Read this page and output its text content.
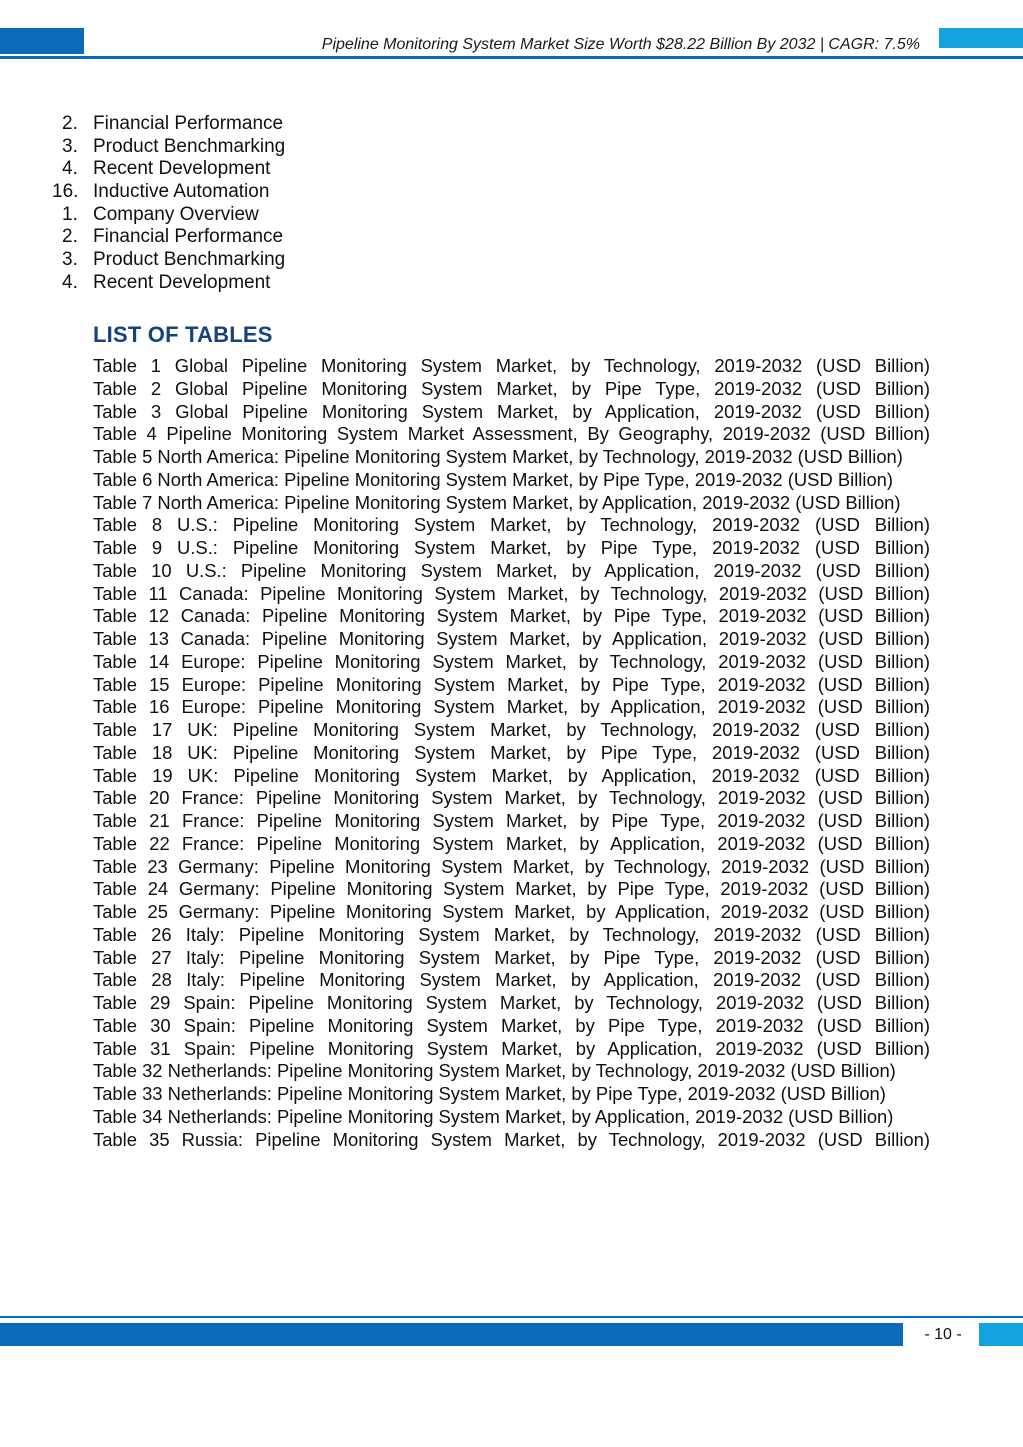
Pipeline Monitoring System Market Size Worth $28.22 Billion By 2032 | CAGR: 7.5%
2. Financial Performance
3. Product Benchmarking
4. Recent Development
16. Inductive Automation
1. Company Overview
2. Financial Performance
3. Product Benchmarking
4. Recent Development
LIST OF TABLES
Table 1 Global Pipeline Monitoring System Market, by Technology, 2019-2032 (USD Billion)
Table 2 Global Pipeline Monitoring System Market, by Pipe Type, 2019-2032 (USD Billion)
Table 3 Global Pipeline Monitoring System Market, by Application, 2019-2032 (USD Billion)
Table 4 Pipeline Monitoring System Market Assessment, By Geography, 2019-2032 (USD Billion)
Table 5 North America: Pipeline Monitoring System Market, by Technology, 2019-2032 (USD Billion)
Table 6 North America: Pipeline Monitoring System Market, by Pipe Type, 2019-2032 (USD Billion)
Table 7 North America: Pipeline Monitoring System Market, by Application, 2019-2032 (USD Billion)
Table 8 U.S.: Pipeline Monitoring System Market, by Technology, 2019-2032 (USD Billion)
Table 9 U.S.: Pipeline Monitoring System Market, by Pipe Type, 2019-2032 (USD Billion)
Table 10 U.S.: Pipeline Monitoring System Market, by Application, 2019-2032 (USD Billion)
Table 11 Canada: Pipeline Monitoring System Market, by Technology, 2019-2032 (USD Billion)
Table 12 Canada: Pipeline Monitoring System Market, by Pipe Type, 2019-2032 (USD Billion)
Table 13 Canada: Pipeline Monitoring System Market, by Application, 2019-2032 (USD Billion)
Table 14 Europe: Pipeline Monitoring System Market, by Technology, 2019-2032 (USD Billion)
Table 15 Europe: Pipeline Monitoring System Market, by Pipe Type, 2019-2032 (USD Billion)
Table 16 Europe: Pipeline Monitoring System Market, by Application, 2019-2032 (USD Billion)
Table 17 UK: Pipeline Monitoring System Market, by Technology, 2019-2032 (USD Billion)
Table 18 UK: Pipeline Monitoring System Market, by Pipe Type, 2019-2032 (USD Billion)
Table 19 UK: Pipeline Monitoring System Market, by Application, 2019-2032 (USD Billion)
Table 20 France: Pipeline Monitoring System Market, by Technology, 2019-2032 (USD Billion)
Table 21 France: Pipeline Monitoring System Market, by Pipe Type, 2019-2032 (USD Billion)
Table 22 France: Pipeline Monitoring System Market, by Application, 2019-2032 (USD Billion)
Table 23 Germany: Pipeline Monitoring System Market, by Technology, 2019-2032 (USD Billion)
Table 24 Germany: Pipeline Monitoring System Market, by Pipe Type, 2019-2032 (USD Billion)
Table 25 Germany: Pipeline Monitoring System Market, by Application, 2019-2032 (USD Billion)
Table 26 Italy: Pipeline Monitoring System Market, by Technology, 2019-2032 (USD Billion)
Table 27 Italy: Pipeline Monitoring System Market, by Pipe Type, 2019-2032 (USD Billion)
Table 28 Italy: Pipeline Monitoring System Market, by Application, 2019-2032 (USD Billion)
Table 29 Spain: Pipeline Monitoring System Market, by Technology, 2019-2032 (USD Billion)
Table 30 Spain: Pipeline Monitoring System Market, by Pipe Type, 2019-2032 (USD Billion)
Table 31 Spain: Pipeline Monitoring System Market, by Application, 2019-2032 (USD Billion)
Table 32 Netherlands: Pipeline Monitoring System Market, by Technology, 2019-2032 (USD Billion)
Table 33 Netherlands: Pipeline Monitoring System Market, by Pipe Type, 2019-2032 (USD Billion)
Table 34 Netherlands: Pipeline Monitoring System Market, by Application, 2019-2032 (USD Billion)
Table 35 Russia: Pipeline Monitoring System Market, by Technology, 2019-2032 (USD Billion)
- 10 -
